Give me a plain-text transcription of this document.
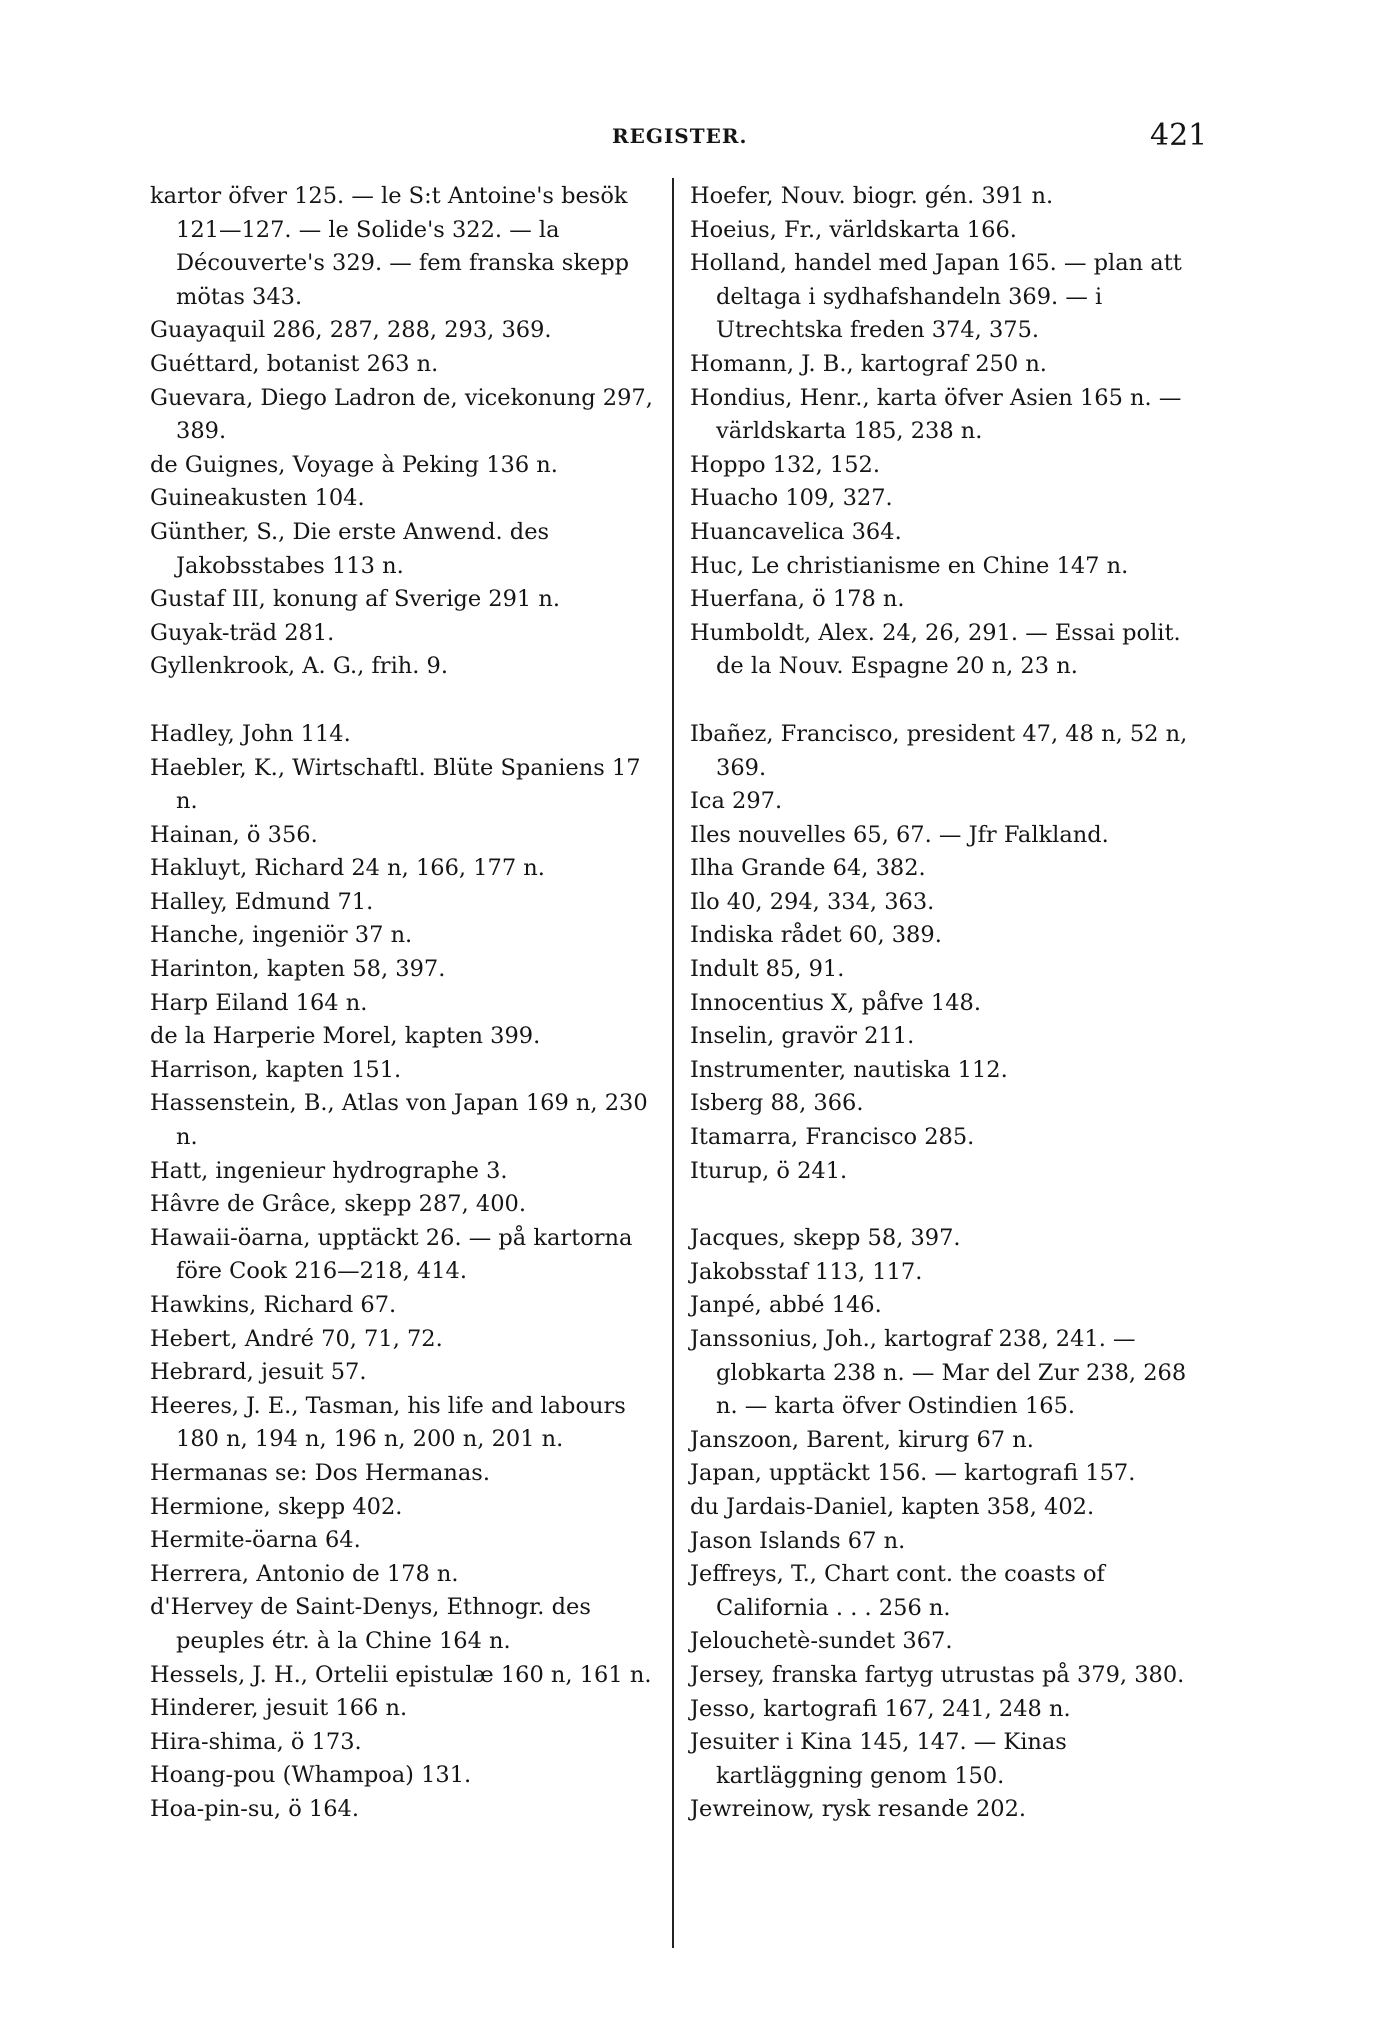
REGISTER.	421
kartor öfver 125. — le S:t Antoine's besök 121—127. — le Solide's 322. — la Découverte's 329. — fem franska skepp mötas 343.
Guayaquil 286, 287, 288, 293, 369.
Guéttard, botanist 263 n.
Guevara, Diego Ladron de, vicekonung 297, 389.
de Guignes, Voyage à Peking 136 n.
Guineakusten 104.
Günther, S., Die erste Anwend. des Jakobsstabes 113 n.
Gustaf III, konung af Sverige 291 n.
Guyak-träd 281.
Gyllenkrook, A. G., frih. 9.
Hadley, John 114.
Haebler, K., Wirtschaftl. Blüte Spaniens 17 n.
Hainan, ö 356.
Hakluyt, Richard 24 n, 166, 177 n.
Halley, Edmund 71.
Hanche, ingeniör 37 n.
Harinton, kapten 58, 397.
Harp Eiland 164 n.
de la Harperie Morel, kapten 399.
Harrison, kapten 151.
Hassenstein, B., Atlas von Japan 169 n, 230 n.
Hatt, ingenieur hydrographe 3.
Hâvre de Grâce, skepp 287, 400.
Hawaii-öarna, upptäckt 26. — på kartorna före Cook 216—218, 414.
Hawkins, Richard 67.
Hebert, André 70, 71, 72.
Hebrard, jesuit 57.
Heeres, J. E., Tasman, his life and labours 180 n, 194 n, 196 n, 200 n, 201 n.
Hermanas se: Dos Hermanas.
Hermione, skepp 402.
Hermite-öarna 64.
Herrera, Antonio de 178 n.
d'Hervey de Saint-Denys, Ethnogr. des peuples étr. à la Chine 164 n.
Hessels, J. H., Ortelii epistulæ 160 n, 161 n.
Hinderer, jesuit 166 n.
Hira-shima, ö 173.
Hoang-pou (Whampoa) 131.
Hoa-pin-su, ö 164.
Hoefer, Nouv. biogr. gén. 391 n.
Hoeius, Fr., världskarta 166.
Holland, handel med Japan 165. — plan att deltaga i sydhafshandeln 369. — i Utrechtska freden 374, 375.
Homann, J. B., kartograf 250 n.
Hondius, Henr., karta öfver Asien 165 n. — världskarta 185, 238 n.
Hoppo 132, 152.
Huacho 109, 327.
Huancavelica 364.
Huc, Le christianisme en Chine 147 n.
Huerfana, ö 178 n.
Humboldt, Alex. 24, 26, 291. — Essai polit. de la Nouv. Espagne 20 n, 23 n.
Ibañez, Francisco, president 47, 48 n, 52 n, 369.
Ica 297.
Iles nouvelles 65, 67. — Jfr Falkland.
Ilha Grande 64, 382.
Ilo 40, 294, 334, 363.
Indiska rådet 60, 389.
Indult 85, 91.
Innocentius X, påfve 148.
Inselin, gravör 211.
Instrumenter, nautiska 112.
Isberg 88, 366.
Itamarra, Francisco 285.
Iturup, ö 241.
Jacques, skepp 58, 397.
Jakobsstaf 113, 117.
Janpé, abbé 146.
Janssonius, Joh., kartograf 238, 241. — globkarta 238 n. — Mar del Zur 238, 268 n. — karta öfver Ostindien 165.
Janszoon, Barent, kirurg 67 n.
Japan, upptäckt 156. — kartografi 157.
du Jardais-Daniel, kapten 358, 402.
Jason Islands 67 n.
Jeffreys, T., Chart cont. the coasts of California . . . 256 n.
Jelouchetè-sundet 367.
Jersey, franska fartyg utrustas på 379, 380.
Jesso, kartografi 167, 241, 248 n.
Jesuiter i Kina 145, 147. — Kinas kartläggning genom 150.
Jewreinow, rysk resande 202.
